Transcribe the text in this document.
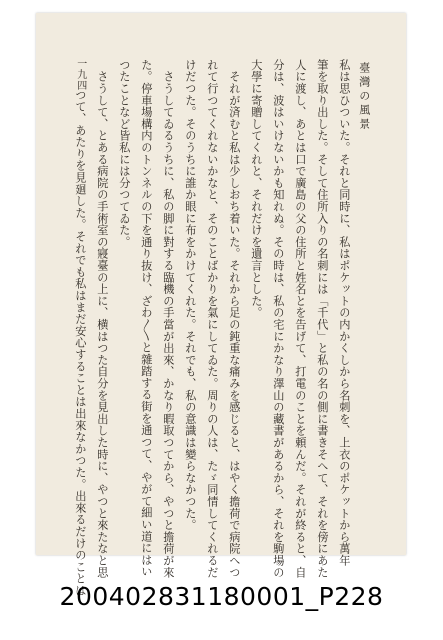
臺灣の風景
一九四	私は思ひついた。それと同時に、私はポケットの内かくしから名刺を、上衣のポケットから萬年
筆を取り出した。そして住所入りの名刺には「千代」と私の名の側に書きそへて、それを傍にあた
人に渡し、あとは口で廣島の父の住所と姓名とを告げて、打電のことを頼んだ。それが終ると、自
分は、波はいけないかも知れぬ。その時は、私の宅にかなり澤山の藏書があるから、それを駒場の
大學に寄贈してくれと、それだけを遺言とした。
　それが済むと私は少しおち着いた。それから足の鈍重な痛みを感じると、はやく擔荷で病院へつ
れて行つてくれないかなと、そのことばかりを氣にしてゐた。周りの人は、たゞ同情してくれるだ
けだつた。そのうちに誰か眼に布をかけてくれた。それでも、私の意識は變らなかつた。
　さうしてゐるうちに、私の脚に對する臨機の手當が出來、かなり暇取つてから、やつと擔荷が來
た。停車場構内のトンネルの下を通り抜け、ざわ〳〵と雜踏する街を通つて、やがて細い道にはい
つたことなど皆私には分つてゐた。
　さうして、とある病院の手術室の寢臺の上に、横はつた自分を見出した時に、やつと來たなと思
つて、あたりを見廻した。それでも私はまだ安心することは出來なかつた。出來るだけのことは
200402831180001_P228
